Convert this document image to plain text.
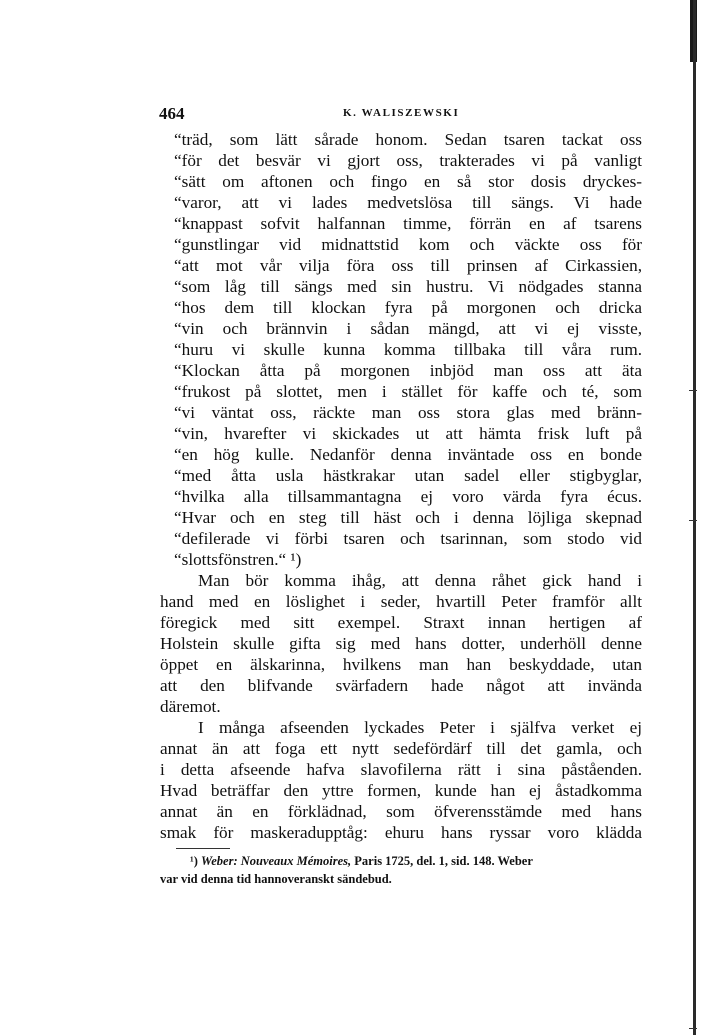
464	K. WALISZEWSKI
“träd, som lätt sårade honom. Sedan tsaren tackat oss
“för det besvär vi gjort oss, trakterades vi på vanligt
“sätt om aftonen och fingo en så stor dosis dryckes-
“varor, att vi lades medvetslösa till sängs. Vi hade
“knappast sofvit halfannan timme, förrän en af tsarens
“gunstlingar vid midnattstid kom och väckte oss för
“att mot vår vilja föra oss till prinsen af Cirkassien,
“som låg till sängs med sin hustru. Vi nödgades stanna
“hos dem till klockan fyra på morgonen och dricka
“vin och brännvin i sådan mängd, att vi ej visste,
“huru vi skulle kunna komma tillbaka till våra rum.
“Klockan åtta på morgonen inbjöd man oss att äta
“frukost på slottet, men i stället för kaffe och té, som
“vi väntat oss, räckte man oss stora glas med bränn-
“vin, hvarefter vi skickades ut att hämta frisk luft på
“en hög kulle. Nedanför denna inväntade oss en bonde
“med åtta usla hästkrakar utan sadel eller stigbyglar,
“hvilka alla tillsammantagna ej voro värda fyra écus.
“Hvar och en steg till häst och i denna löjliga skepnad
“defilerade vi förbi tsaren och tsarinnan, som stodo vid
“slottsfönstren.“ ¹)
Man bör komma ihåg, att denna råhet gick hand i
hand med en löslighet i seder, hvartill Peter framför allt
föregick med sitt exempel. Straxt innan hertigen af
Holstein skulle gifta sig med hans dotter, underhöll denne
öppet en älskarinna, hvilkens man han beskyddade, utan
att den blifvande svärfadern hade något att invända
däremot.
I många afseenden lyckades Peter i själfva verket ej
annat än att foga ett nytt sedefördärf till det gamla, och
i detta afseende hafva slavofilerna rätt i sina påståenden.
Hvad beträffar den yttre formen, kunde han ej åstadkomma
annat än en förklädnad, som öfverensstämde med hans
smak för maskeradupptåg: ehuru hans ryssar voro klädda
¹) Weber: Nouveaux Mémoires, Paris 1725, del. 1, sid. 148. Weber
var vid denna tid hannoveranskt sändebud.
